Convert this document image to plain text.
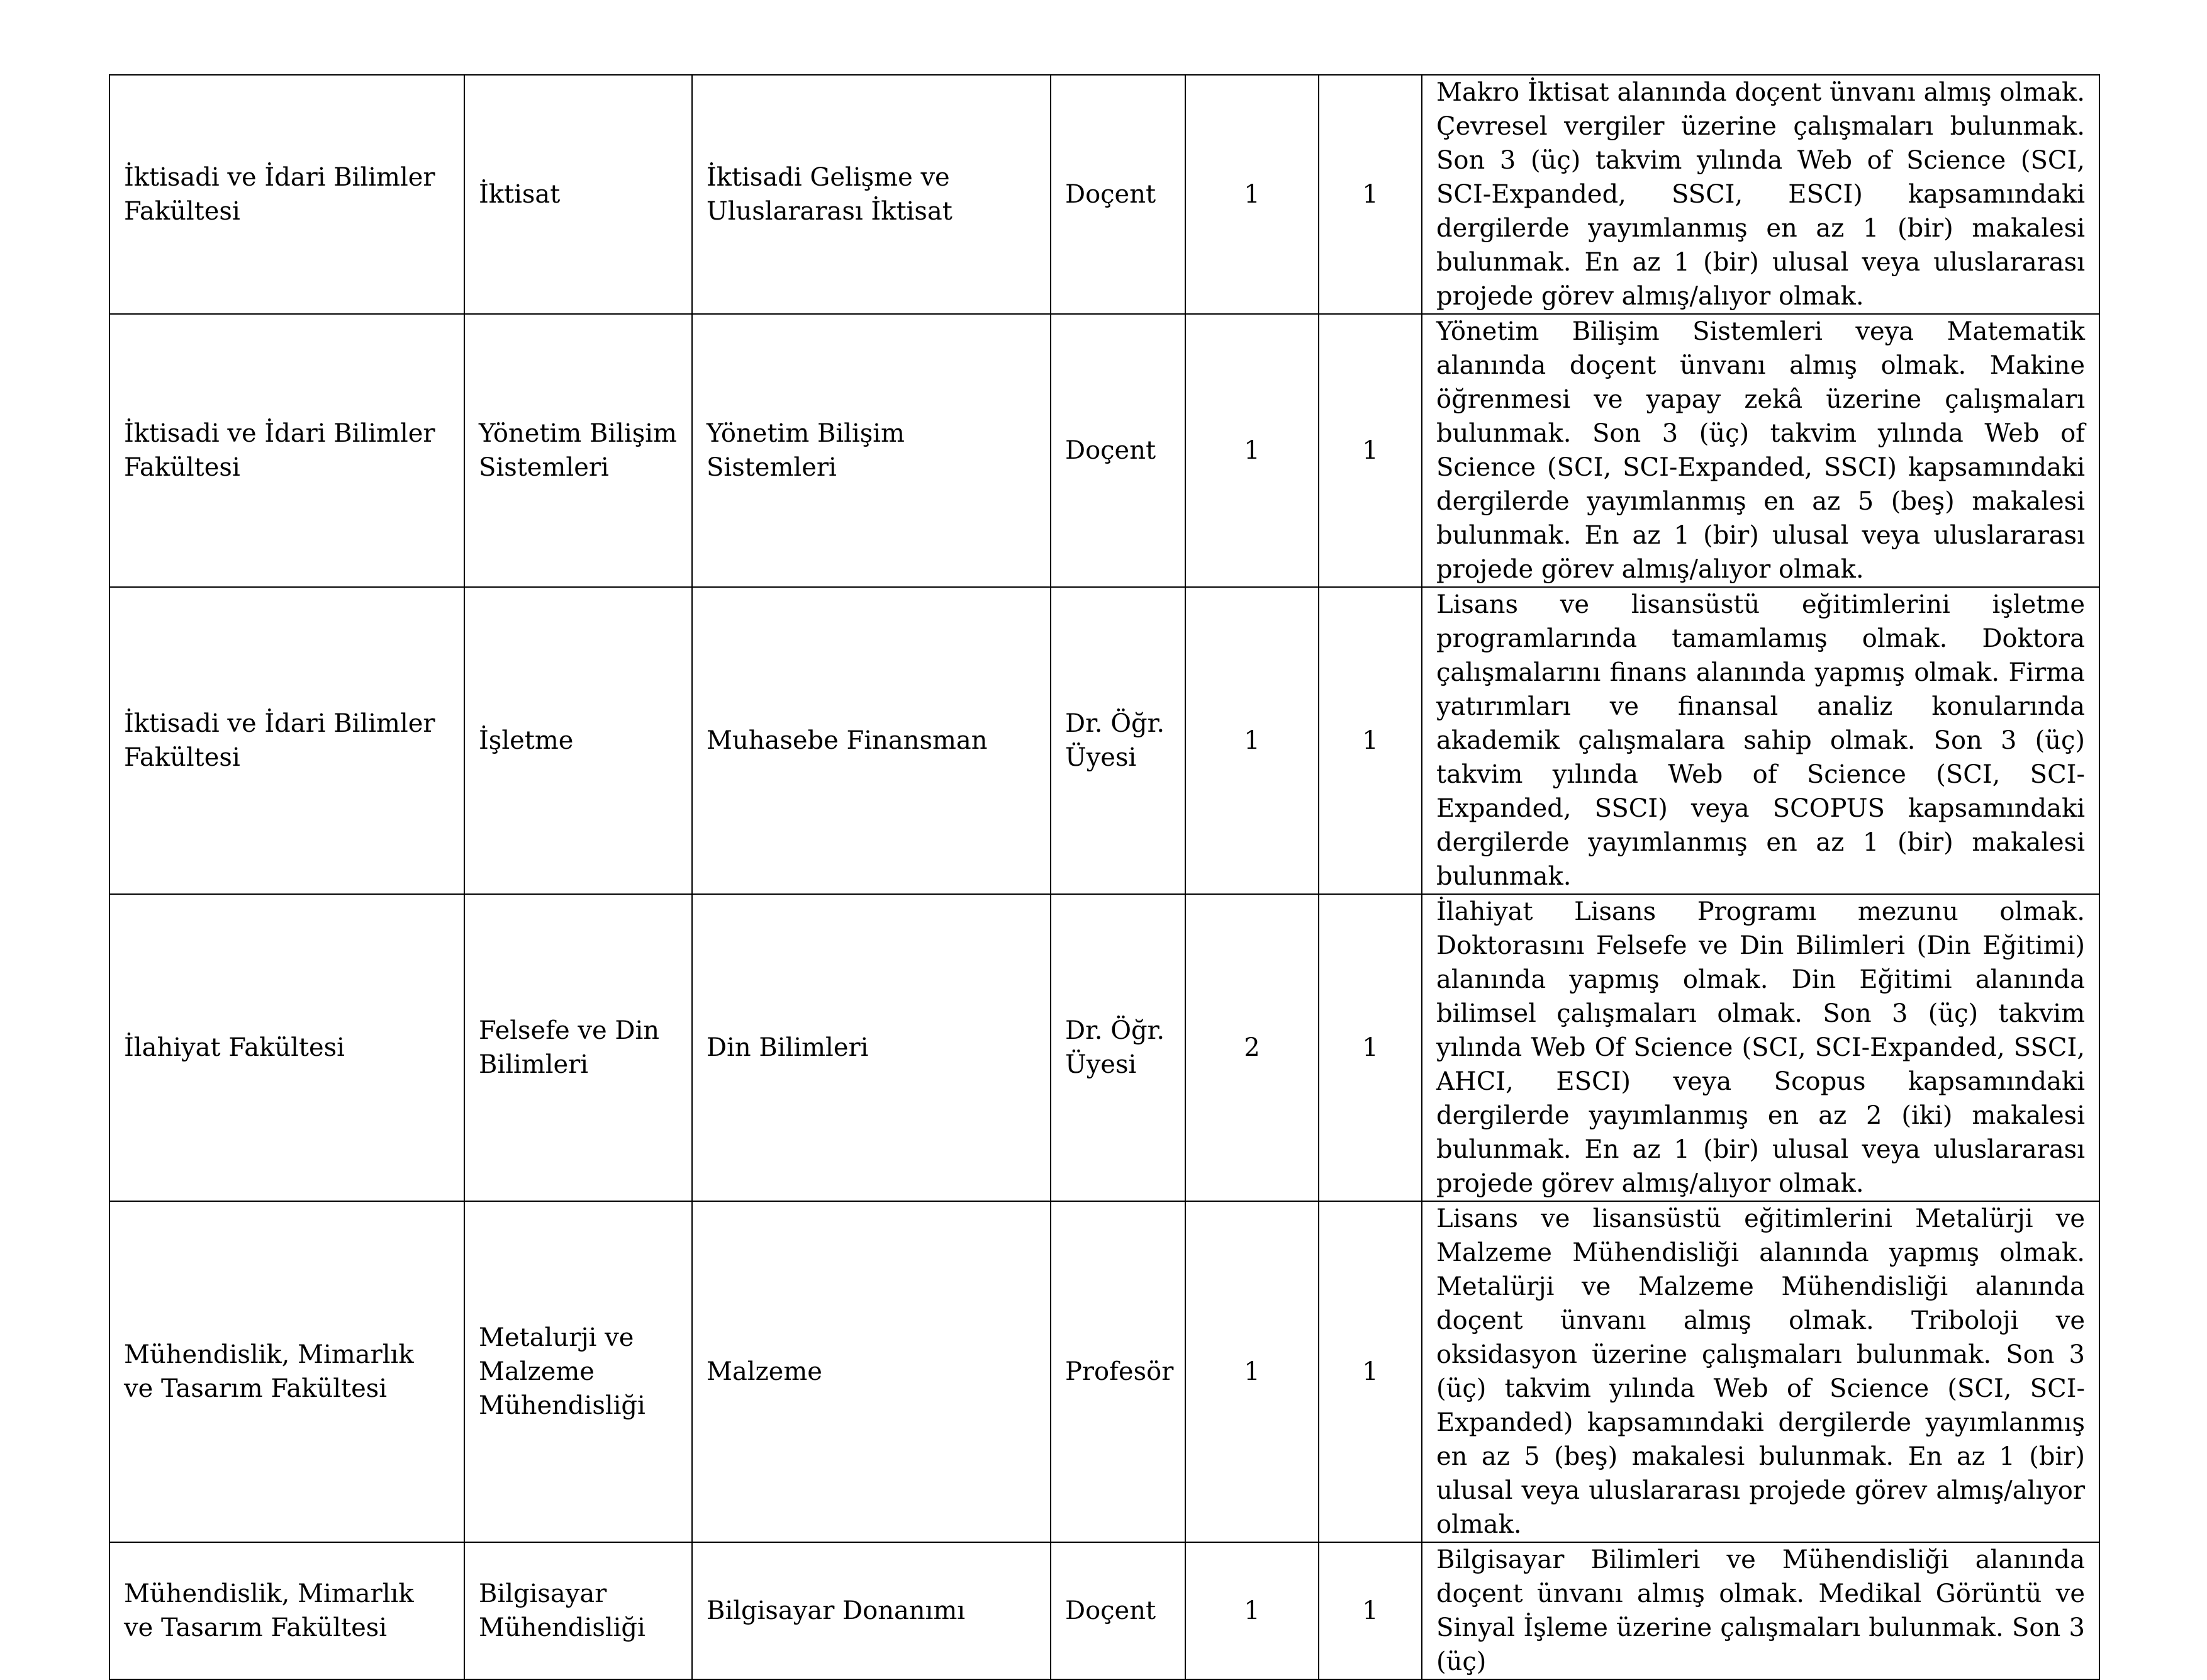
İktisadi ve İdari Bilimler Fakültesi	İktisat	İktisadi Gelişme ve Uluslararası İktisat	Doçent	1	1	Makro İktisat alanında doçent ünvanı almış olmak. Çevresel vergiler üzerine çalışmaları bulunmak. Son 3 (üç) takvim yılında Web of Science (SCI, SCI-Expanded, SSCI, ESCI) kapsamındaki dergilerde yayımlanmış en az 1 (bir) makalesi bulunmak. En az 1 (bir) ulusal veya uluslararası projede görev almış/alıyor olmak.
İktisadi ve İdari Bilimler Fakültesi	Yönetim Bilişim Sistemleri	Yönetim Bilişim Sistemleri	Doçent	1	1	Yönetim Bilişim Sistemleri veya Matematik alanında doçent ünvanı almış olmak. Makine öğrenmesi ve yapay zekâ üzerine çalışmaları bulunmak. Son 3 (üç) takvim yılında Web of Science (SCI, SCI-Expanded, SSCI) kapsamındaki dergilerde yayımlanmış en az 5 (beş) makalesi bulunmak. En az 1 (bir) ulusal veya uluslararası projede görev almış/alıyor olmak.
İktisadi ve İdari Bilimler Fakültesi	İşletme	Muhasebe Finansman	Dr. Öğr. Üyesi	1	1	Lisans ve lisansüstü eğitimlerini işletme programlarında tamamlamış olmak. Doktora çalışmalarını finans alanında yapmış olmak. Firma yatırımları ve finansal analiz konularında akademik çalışmalara sahip olmak. Son 3 (üç) takvim yılında Web of Science (SCI, SCI-Expanded, SSCI) veya SCOPUS kapsamındaki dergilerde yayımlanmış en az 1 (bir) makalesi bulunmak.
İlahiyat Fakültesi	Felsefe ve Din Bilimleri	Din Bilimleri	Dr. Öğr. Üyesi	2	1	İlahiyat Lisans Programı mezunu olmak. Doktorasını Felsefe ve Din Bilimleri (Din Eğitimi) alanında yapmış olmak. Din Eğitimi alanında bilimsel çalışmaları olmak. Son 3 (üç) takvim yılında Web Of Science (SCI, SCI-Expanded, SSCI, AHCI, ESCI) veya Scopus kapsamındaki dergilerde yayımlanmış en az 2 (iki) makalesi bulunmak. En az 1 (bir) ulusal veya uluslararası projede görev almış/alıyor olmak.
Mühendislik, Mimarlık ve Tasarım Fakültesi	Metalurji ve Malzeme Mühendisliği	Malzeme	Profesör	1	1	Lisans ve lisansüstü eğitimlerini Metalürji ve Malzeme Mühendisliği alanında yapmış olmak. Metalürji ve Malzeme Mühendisliği alanında doçent ünvanı almış olmak. Triboloji ve oksidasyon üzerine çalışmaları bulunmak. Son 3 (üç) takvim yılında Web of Science (SCI, SCI-Expanded) kapsamındaki dergilerde yayımlanmış en az 5 (beş) makalesi bulunmak. En az 1 (bir) ulusal veya uluslararası projede görev almış/alıyor olmak.
Mühendislik, Mimarlık ve Tasarım Fakültesi	Bilgisayar Mühendisliği	Bilgisayar Donanımı	Doçent	1	1	Bilgisayar Bilimleri ve Mühendisliği alanında doçent ünvanı almış olmak. Medikal Görüntü ve Sinyal İşleme üzerine çalışmaları bulunmak. Son 3 (üç)
